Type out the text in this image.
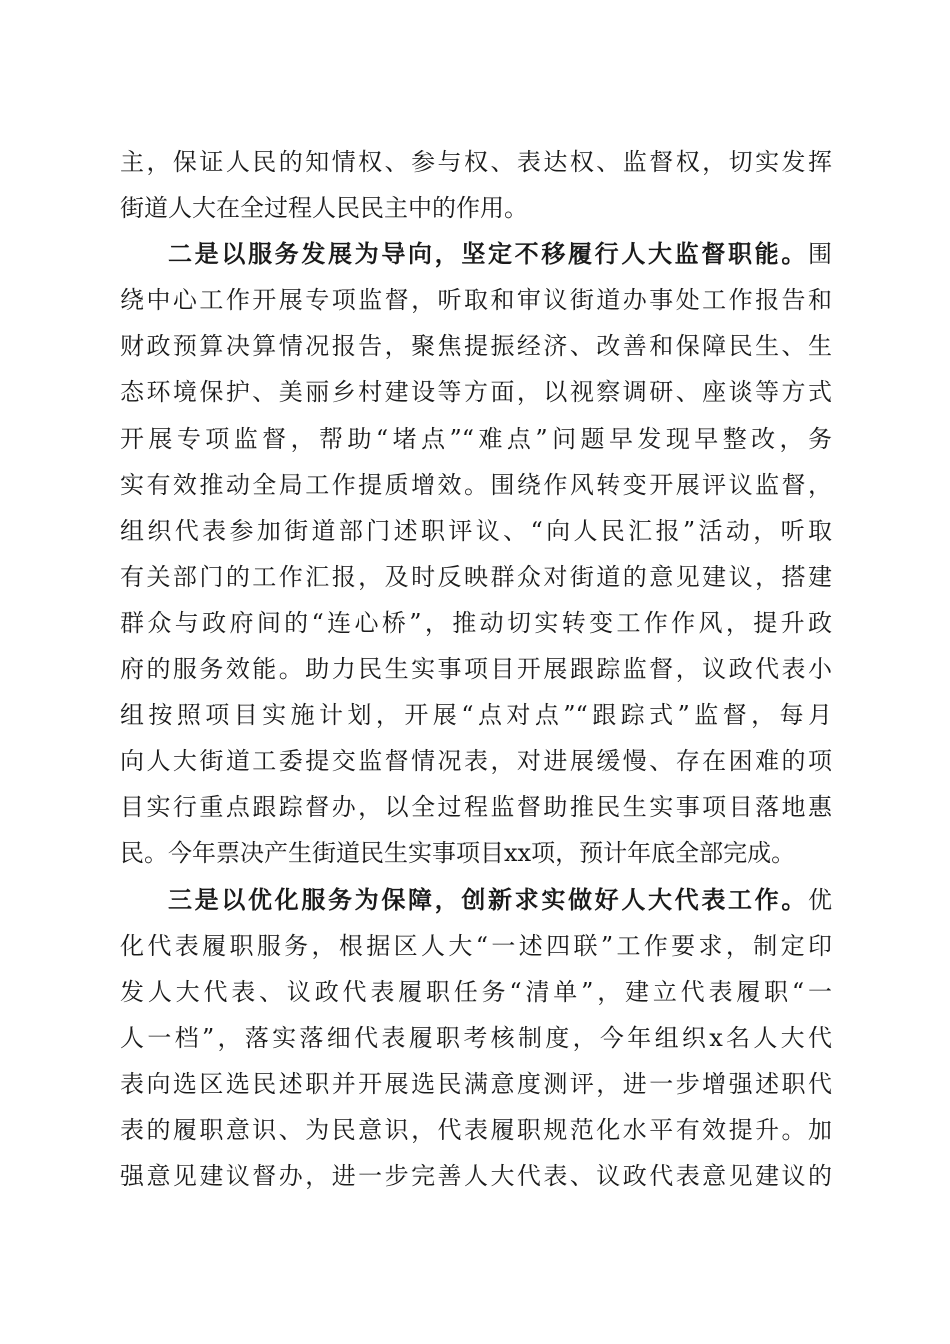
主，保证人民的知情权、参与权、表达权、监督权，切实发挥
街道人大在全过程人民民主中的作用。
二是以服务发展为导向，坚定不移履行人大监督职能。围
绕中心工作开展专项监督，听取和审议街道办事处工作报告和
财政预算决算情况报告，聚焦提振经济、改善和保障民生、生
态环境保护、美丽乡村建设等方面，以视察调研、座谈等方式
开展专项监督，帮助“堵点”“难点”问题早发现早整改，务
实有效推动全局工作提质增效。围绕作风转变开展评议监督，
组织代表参加街道部门述职评议、“向人民汇报”活动，听取
有关部门的工作汇报，及时反映群众对街道的意见建议，搭建
群众与政府间的“连心桥”，推动切实转变工作作风，提升政
府的服务效能。助力民生实事项目开展跟踪监督，议政代表小
组按照项目实施计划，开展“点对点”“跟踪式”监督，每月
向人大街道工委提交监督情况表，对进展缓慢、存在困难的项
目实行重点跟踪督办，以全过程监督助推民生实事项目落地惠
民。今年票决产生街道民生实事项目xx项，预计年底全部完成。
三是以优化服务为保障，创新求实做好人大代表工作。优
化代表履职服务，根据区人大“一述四联”工作要求，制定印
发人大代表、议政代表履职任务“清单”，建立代表履职“一
人一档”，落实落细代表履职考核制度，今年组织x名人大代
表向选区选民述职并开展选民满意度测评，进一步增强述职代
表的履职意识、为民意识，代表履职规范化水平有效提升。加
强意见建议督办，进一步完善人大代表、议政代表意见建议的
